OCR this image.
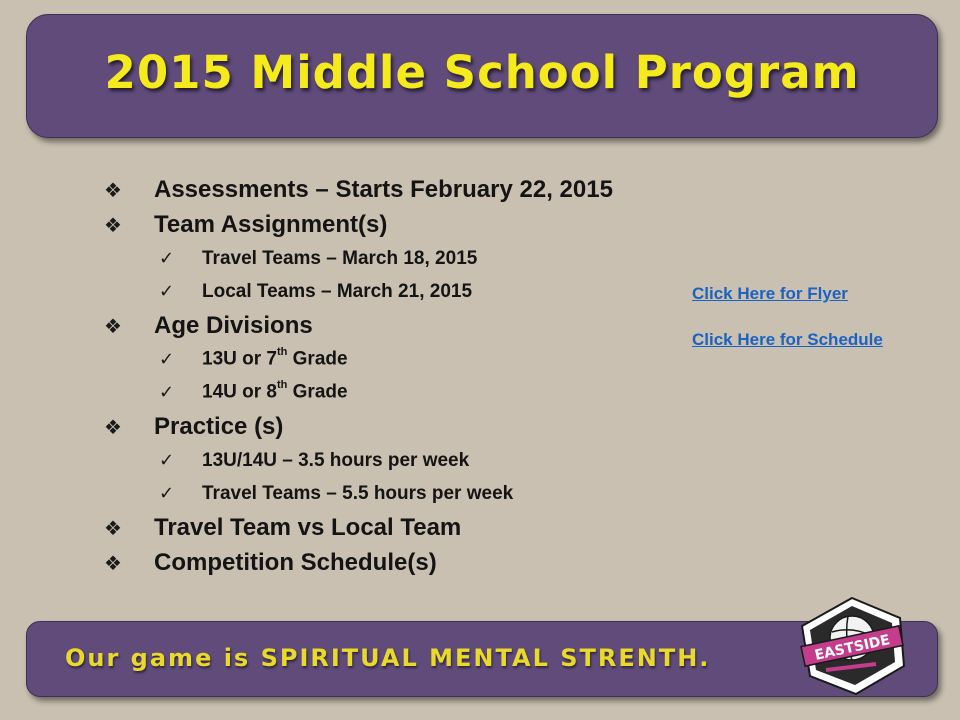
2015 Middle School Program
❖	Assessments – Starts February 22, 2015
❖	Team Assignment(s)
✓	Travel Teams – March 18, 2015
✓	Local Teams – March 21, 2015
❖	Age Divisions
✓	13U or 7th Grade
✓	14U or 8th Grade
❖	Practice (s)
✓	13U/14U – 3.5 hours per week
✓	Travel Teams – 5.5 hours per week
❖	Travel Team vs Local Team
❖	Competition Schedule(s)
Click Here for Flyer
Click Here for Schedule
Our game is SPIRITUAL MENTAL STRENTH.	EASTSIDE
